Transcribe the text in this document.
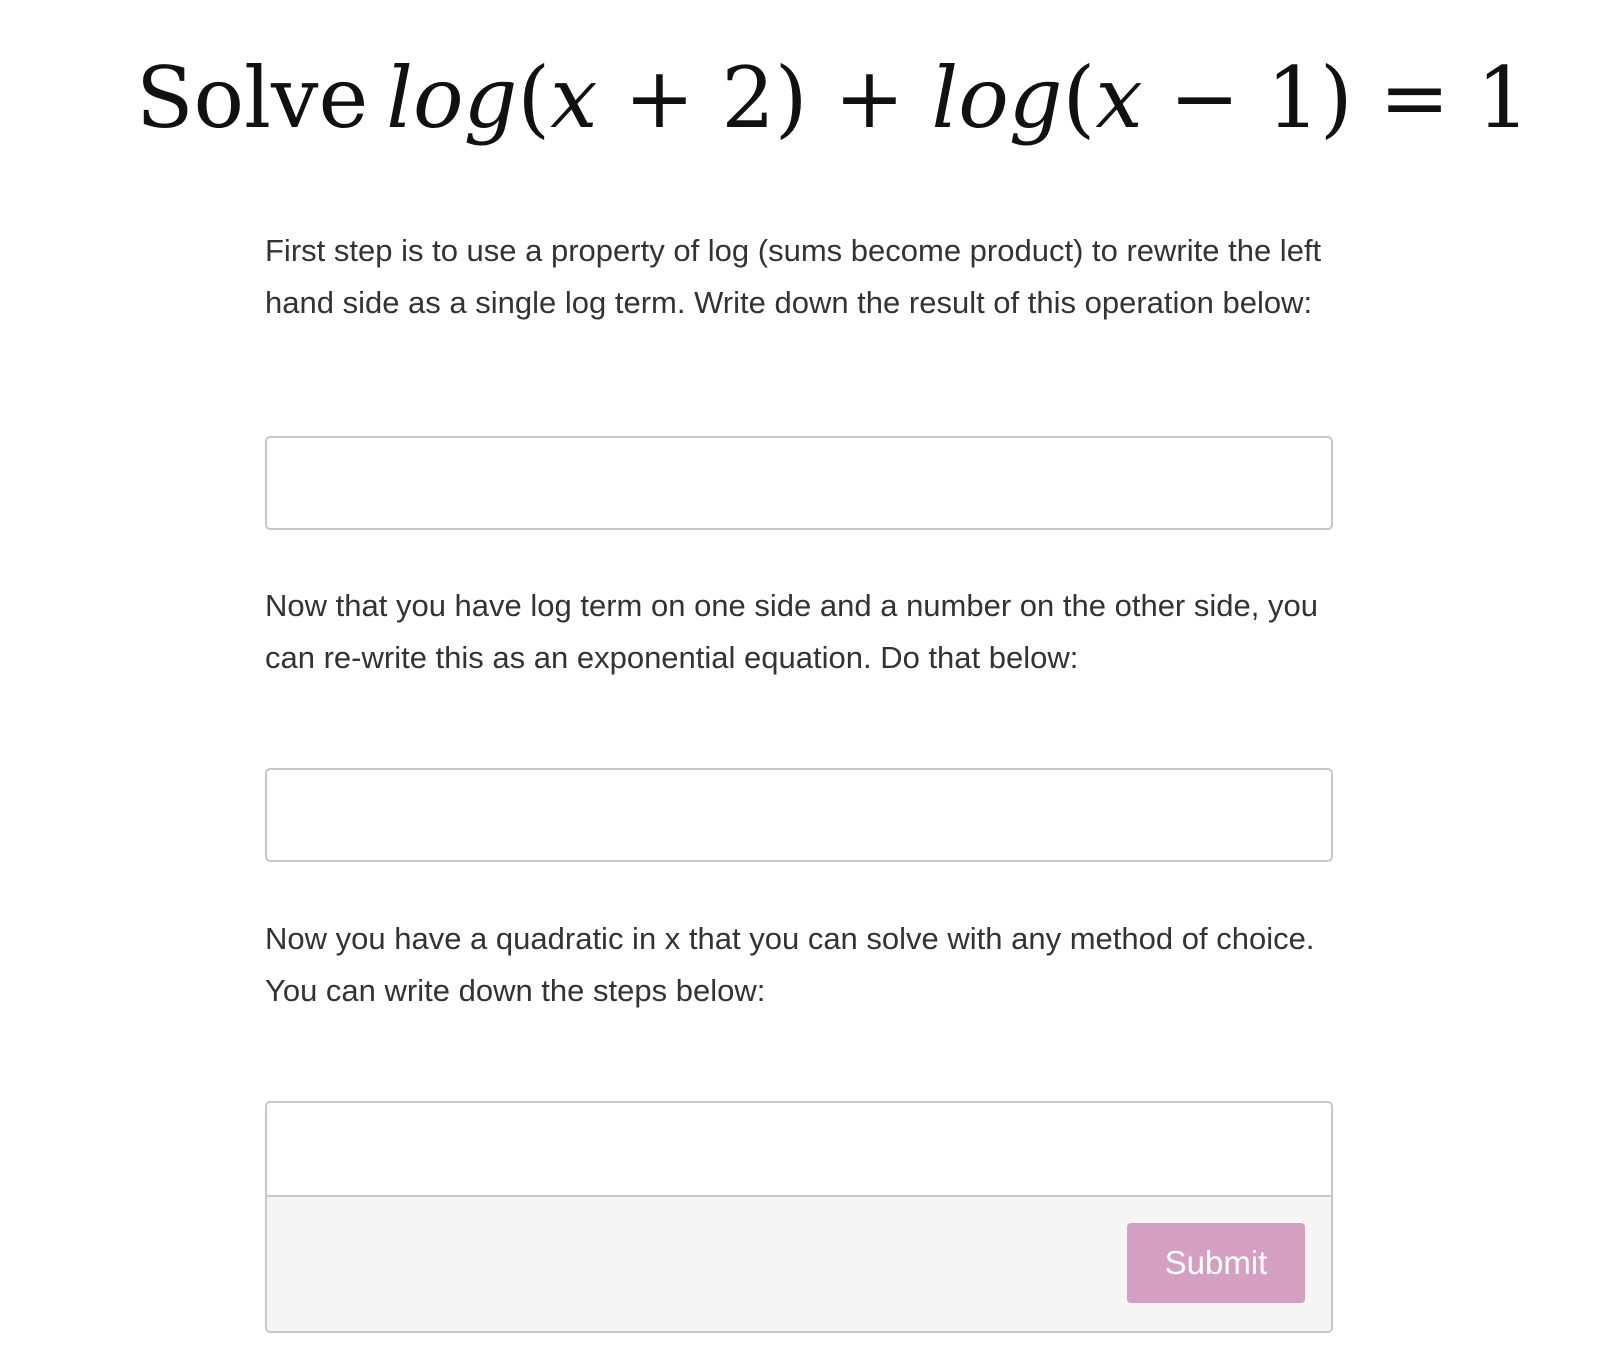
Solve log(x + 2) + log(x − 1) = 1

First step is to use a property of log (sums become product) to rewrite the left hand side as a single log term. Write down the result of this operation below:

Now that you have log term on one side and a number on the other side, you can re-write this as an exponential equation. Do that below:

Now you have a quadratic in x that you can solve with any method of choice. You can write down the steps below:

Submit
